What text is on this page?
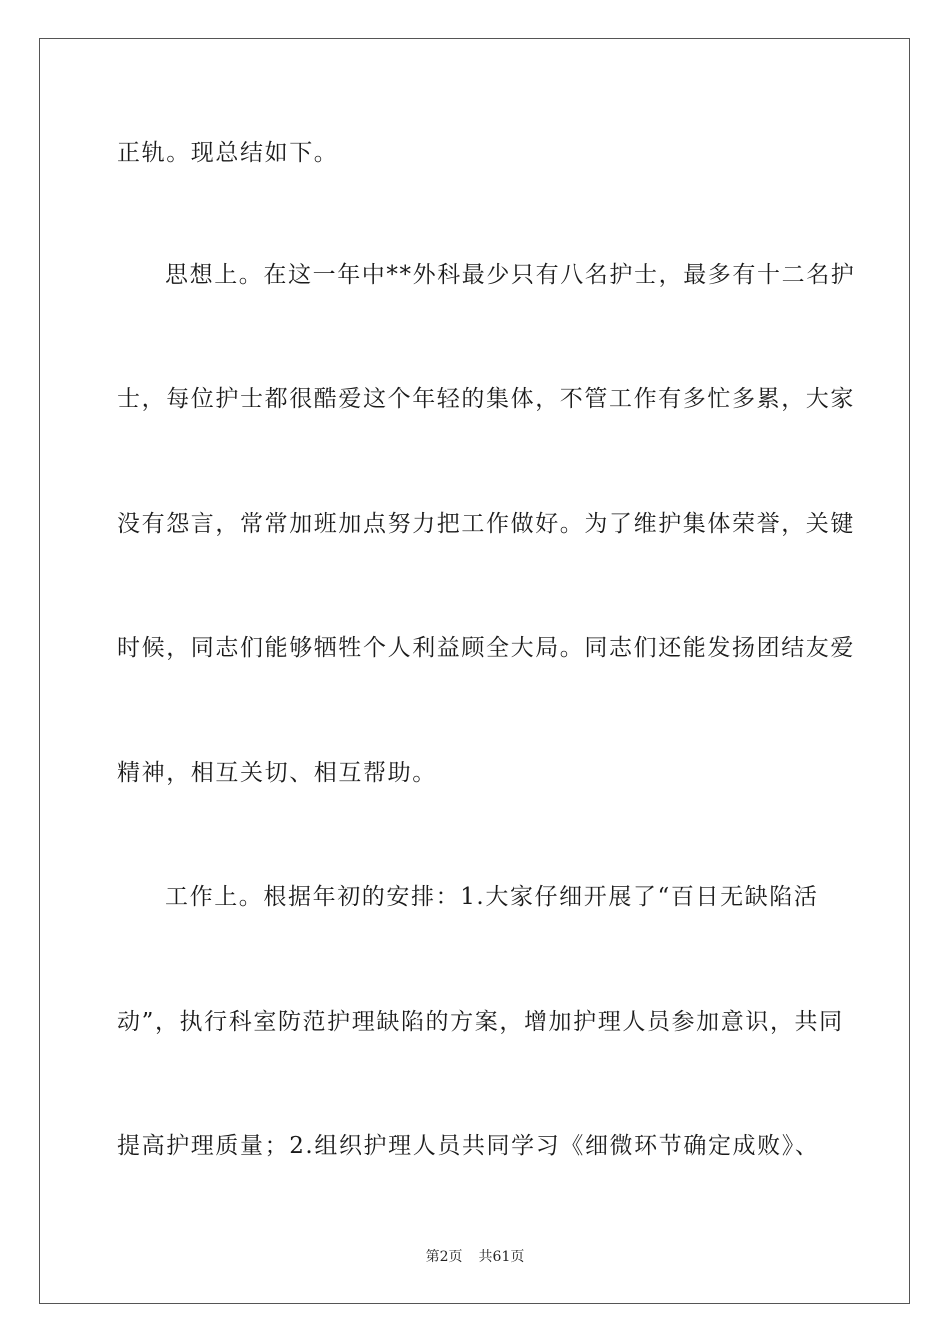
正轨。现总结如下。
思想上。在这一年中**外科最少只有八名护士，最多有十二名护
士，每位护士都很酷爱这个年轻的集体，不管工作有多忙多累，大家
没有怨言，常常加班加点努力把工作做好。为了维护集体荣誉，关键
时候，同志们能够牺牲个人利益顾全大局。同志们还能发扬团结友爱
精神，相互关切、相互帮助。
工作上。根据年初的安排：1.大家仔细开展了“百日无缺陷活
动”，执行科室防范护理缺陷的方案，增加护理人员参加意识，共同
提高护理质量；2.组织护理人员共同学习《细微环节确定成败》、
第2页 共61页
